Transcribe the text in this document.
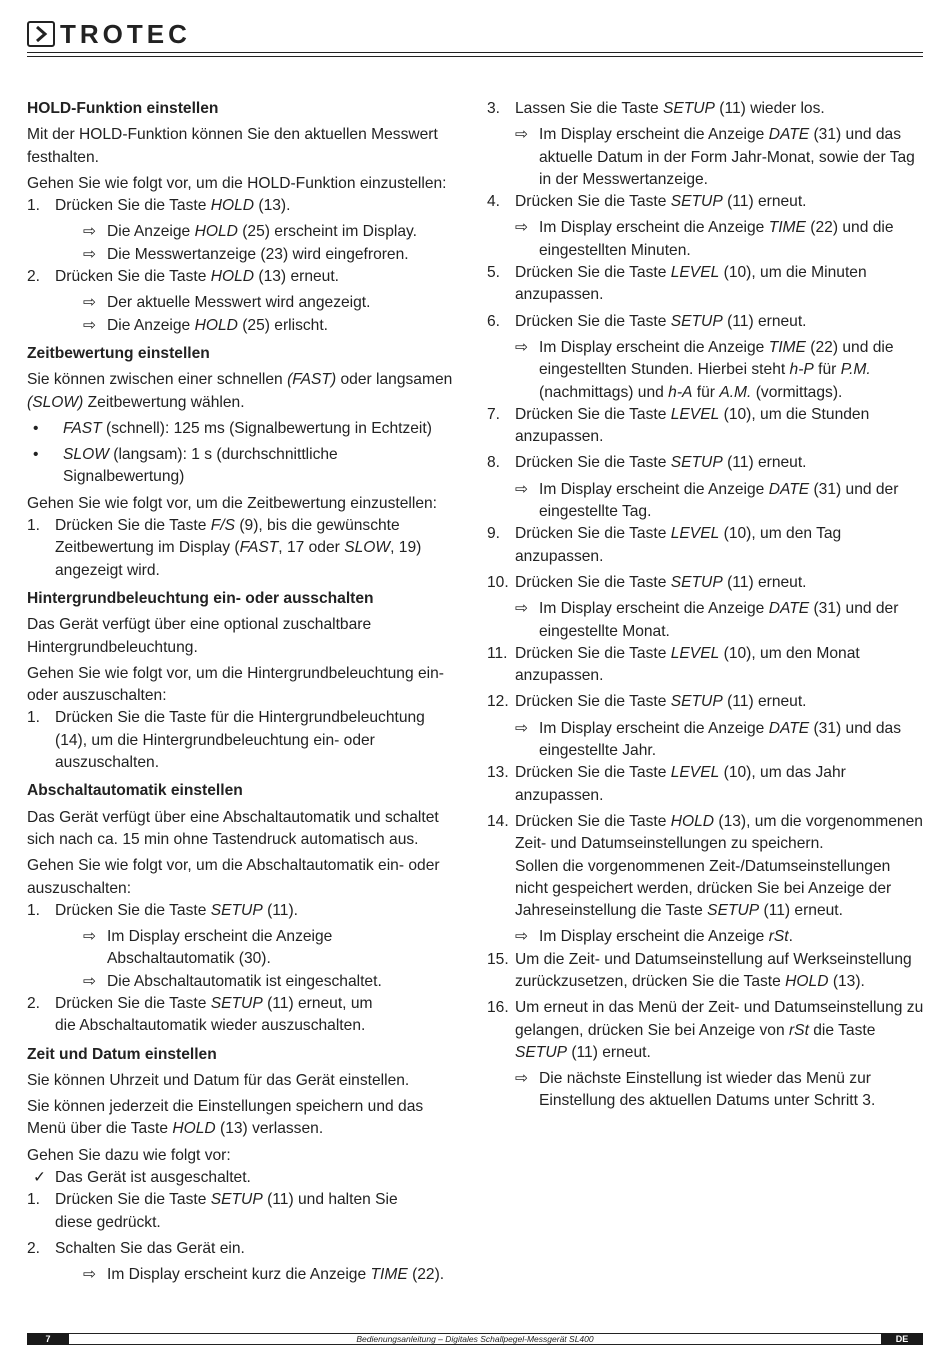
TROTEC
HOLD-Funktion einstellen
Mit der HOLD-Funktion können Sie den aktuellen Messwert festhalten.
Gehen Sie wie folgt vor, um die HOLD-Funktion einzustellen:
1. Drücken Sie die Taste HOLD (13).
⇨ Die Anzeige HOLD (25) erscheint im Display.
⇨ Die Messwertanzeige (23) wird eingefroren.
2. Drücken Sie die Taste HOLD (13) erneut.
⇨ Der aktuelle Messwert wird angezeigt.
⇨ Die Anzeige HOLD (25) erlischt.
Zeitbewertung einstellen
Sie können zwischen einer schnellen (FAST) oder langsamen (SLOW) Zeitbewertung wählen.
•	FAST (schnell): 125 ms (Signalbewertung in Echtzeit)
•	SLOW (langsam): 1 s (durchschnittliche Signalbewertung)
Gehen Sie wie folgt vor, um die Zeitbewertung einzustellen:
1. Drücken Sie die Taste F/S (9), bis die gewünschte Zeitbewertung im Display (FAST, 17 oder SLOW, 19) angezeigt wird.
Hintergrundbeleuchtung ein- oder ausschalten
Das Gerät verfügt über eine optional zuschaltbare Hintergrundbeleuchtung.
Gehen Sie wie folgt vor, um die Hintergrundbeleuchtung ein- oder auszuschalten:
1. Drücken Sie die Taste für die Hintergrundbeleuchtung (14), um die Hintergrundbeleuchtung ein- oder auszuschalten.
Abschaltautomatik einstellen
Das Gerät verfügt über eine Abschaltautomatik und schaltet sich nach ca. 15 min ohne Tastendruck automatisch aus.
Gehen Sie wie folgt vor, um die Abschaltautomatik ein- oder auszuschalten:
1. Drücken Sie die Taste SETUP (11).
⇨ Im Display erscheint die Anzeige Abschaltautomatik (30).
⇨ Die Abschaltautomatik ist eingeschaltet.
2. Drücken Sie die Taste SETUP (11) erneut, um die Abschaltautomatik wieder auszuschalten.
Zeit und Datum einstellen
Sie können Uhrzeit und Datum für das Gerät einstellen.
Sie können jederzeit die Einstellungen speichern und das Menü über die Taste HOLD (13) verlassen.
Gehen Sie dazu wie folgt vor:
✓ Das Gerät ist ausgeschaltet.
1. Drücken Sie die Taste SETUP (11) und halten Sie diese gedrückt.
2. Schalten Sie das Gerät ein.
⇨ Im Display erscheint kurz die Anzeige TIME (22).
3. Lassen Sie die Taste SETUP (11) wieder los.
⇨ Im Display erscheint die Anzeige DATE (31) und das aktuelle Datum in der Form Jahr-Monat, sowie der Tag in der Messwertanzeige.
4. Drücken Sie die Taste SETUP (11) erneut.
⇨ Im Display erscheint die Anzeige TIME (22) und die eingestellten Minuten.
5. Drücken Sie die Taste LEVEL (10), um die Minuten anzupassen.
6. Drücken Sie die Taste SETUP (11) erneut.
⇨ Im Display erscheint die Anzeige TIME (22) und die eingestellten Stunden. Hierbei steht h-P für P.M. (nachmittags) und h-A für A.M. (vormittags).
7. Drücken Sie die Taste LEVEL (10), um die Stunden anzupassen.
8. Drücken Sie die Taste SETUP (11) erneut.
⇨ Im Display erscheint die Anzeige DATE (31) und der eingestellte Tag.
9. Drücken Sie die Taste LEVEL (10), um den Tag anzupassen.
10. Drücken Sie die Taste SETUP (11) erneut.
⇨ Im Display erscheint die Anzeige DATE (31) und der eingestellte Monat.
11. Drücken Sie die Taste LEVEL (10), um den Monat anzupassen.
12. Drücken Sie die Taste SETUP (11) erneut.
⇨ Im Display erscheint die Anzeige DATE (31) und das eingestellte Jahr.
13. Drücken Sie die Taste LEVEL (10), um das Jahr anzupassen.
14. Drücken Sie die Taste HOLD (13), um die vorgenommenen Zeit- und Datumseinstellungen zu speichern.
Sollen die vorgenommenen Zeit-/Datumseinstellungen nicht gespeichert werden, drücken Sie bei Anzeige der Jahreseinstellung die Taste SETUP (11) erneut.
⇨ Im Display erscheint die Anzeige rSt.
15. Um die Zeit- und Datumseinstellung auf Werkseinstellung zurückzusetzen, drücken Sie die Taste HOLD (13).
16. Um erneut in das Menü der Zeit- und Datumseinstellung zu gelangen, drücken Sie bei Anzeige von rSt die Taste
SETUP (11) erneut.
⇨ Die nächste Einstellung ist wieder das Menü zur Einstellung des aktuellen Datums unter Schritt 3.
7	Bedienungsanleitung – Digitales Schallpegel-Messgerät SL400	DE
